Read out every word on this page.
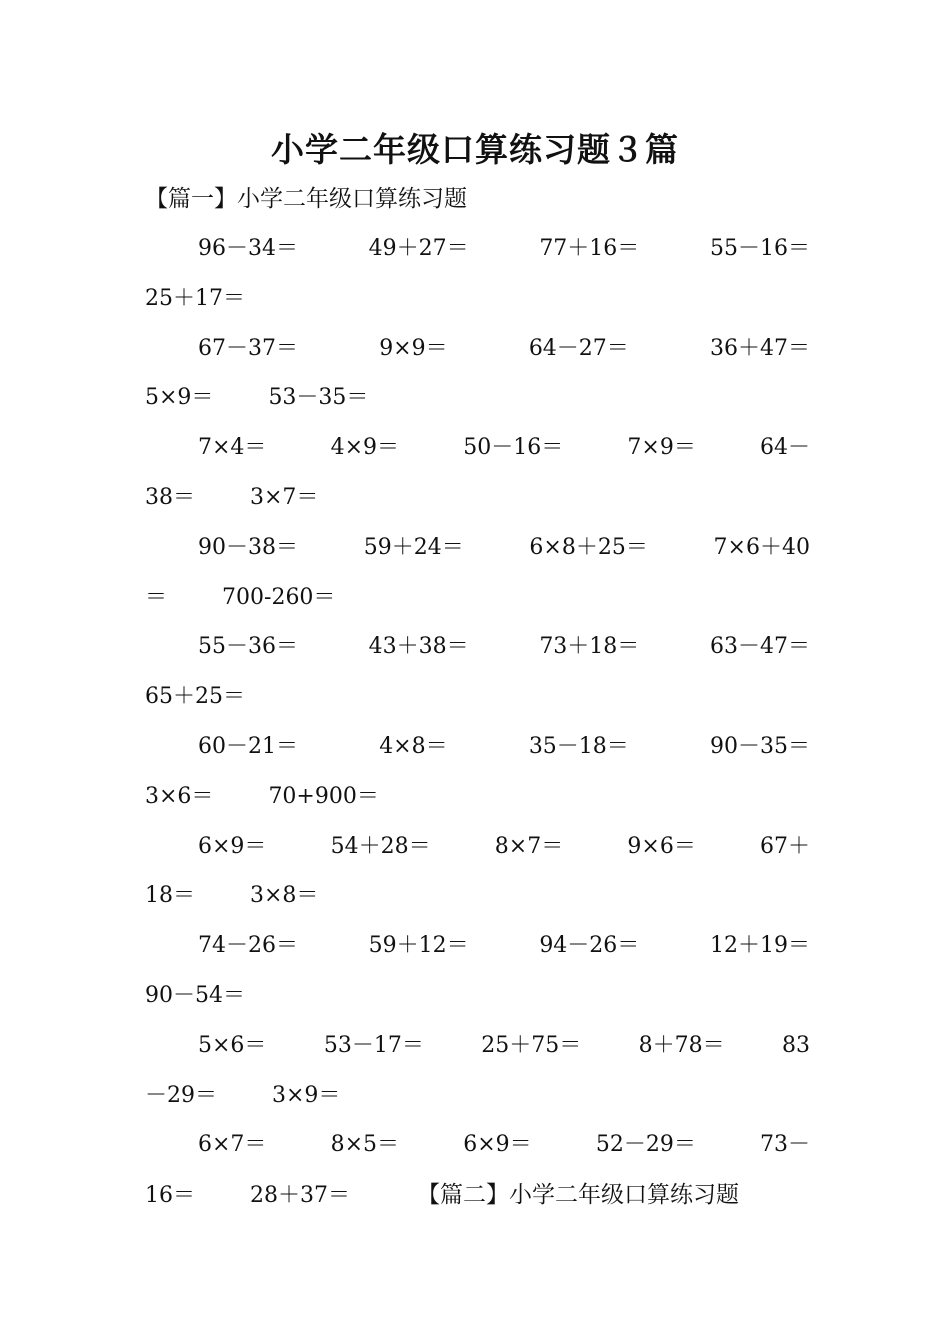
小学二年级口算练习题３篇
【篇一】小学二年级口算练习题
96－34＝	49＋27＝	77＋16＝	55－16＝
25＋17＝
67－37＝	9×9＝	64－27＝	36＋47＝
5×9＝	53－35＝
7×4＝	4×9＝	50－16＝	7×9＝	64－
38＝	3×7＝
90－38＝	59＋24＝	6×8＋25＝	7×6＋40
＝	700-260＝
55－36＝	43＋38＝	73＋18＝	63－47＝
65＋25＝
60－21＝	4×8＝	35－18＝	90－35＝
3×6＝	70+900＝
6×9＝	54＋28＝	8×7＝	9×6＝	67＋
18＝	3×8＝
74－26＝	59＋12＝	94－26＝	12＋19＝
90－54＝
5×6＝	53－17＝	25＋75＝	8＋78＝	83
－29＝	3×9＝
6×7＝	8×5＝	6×9＝	52－29＝	73－
16＝	28＋37＝	【篇二】小学二年级口算练习题
